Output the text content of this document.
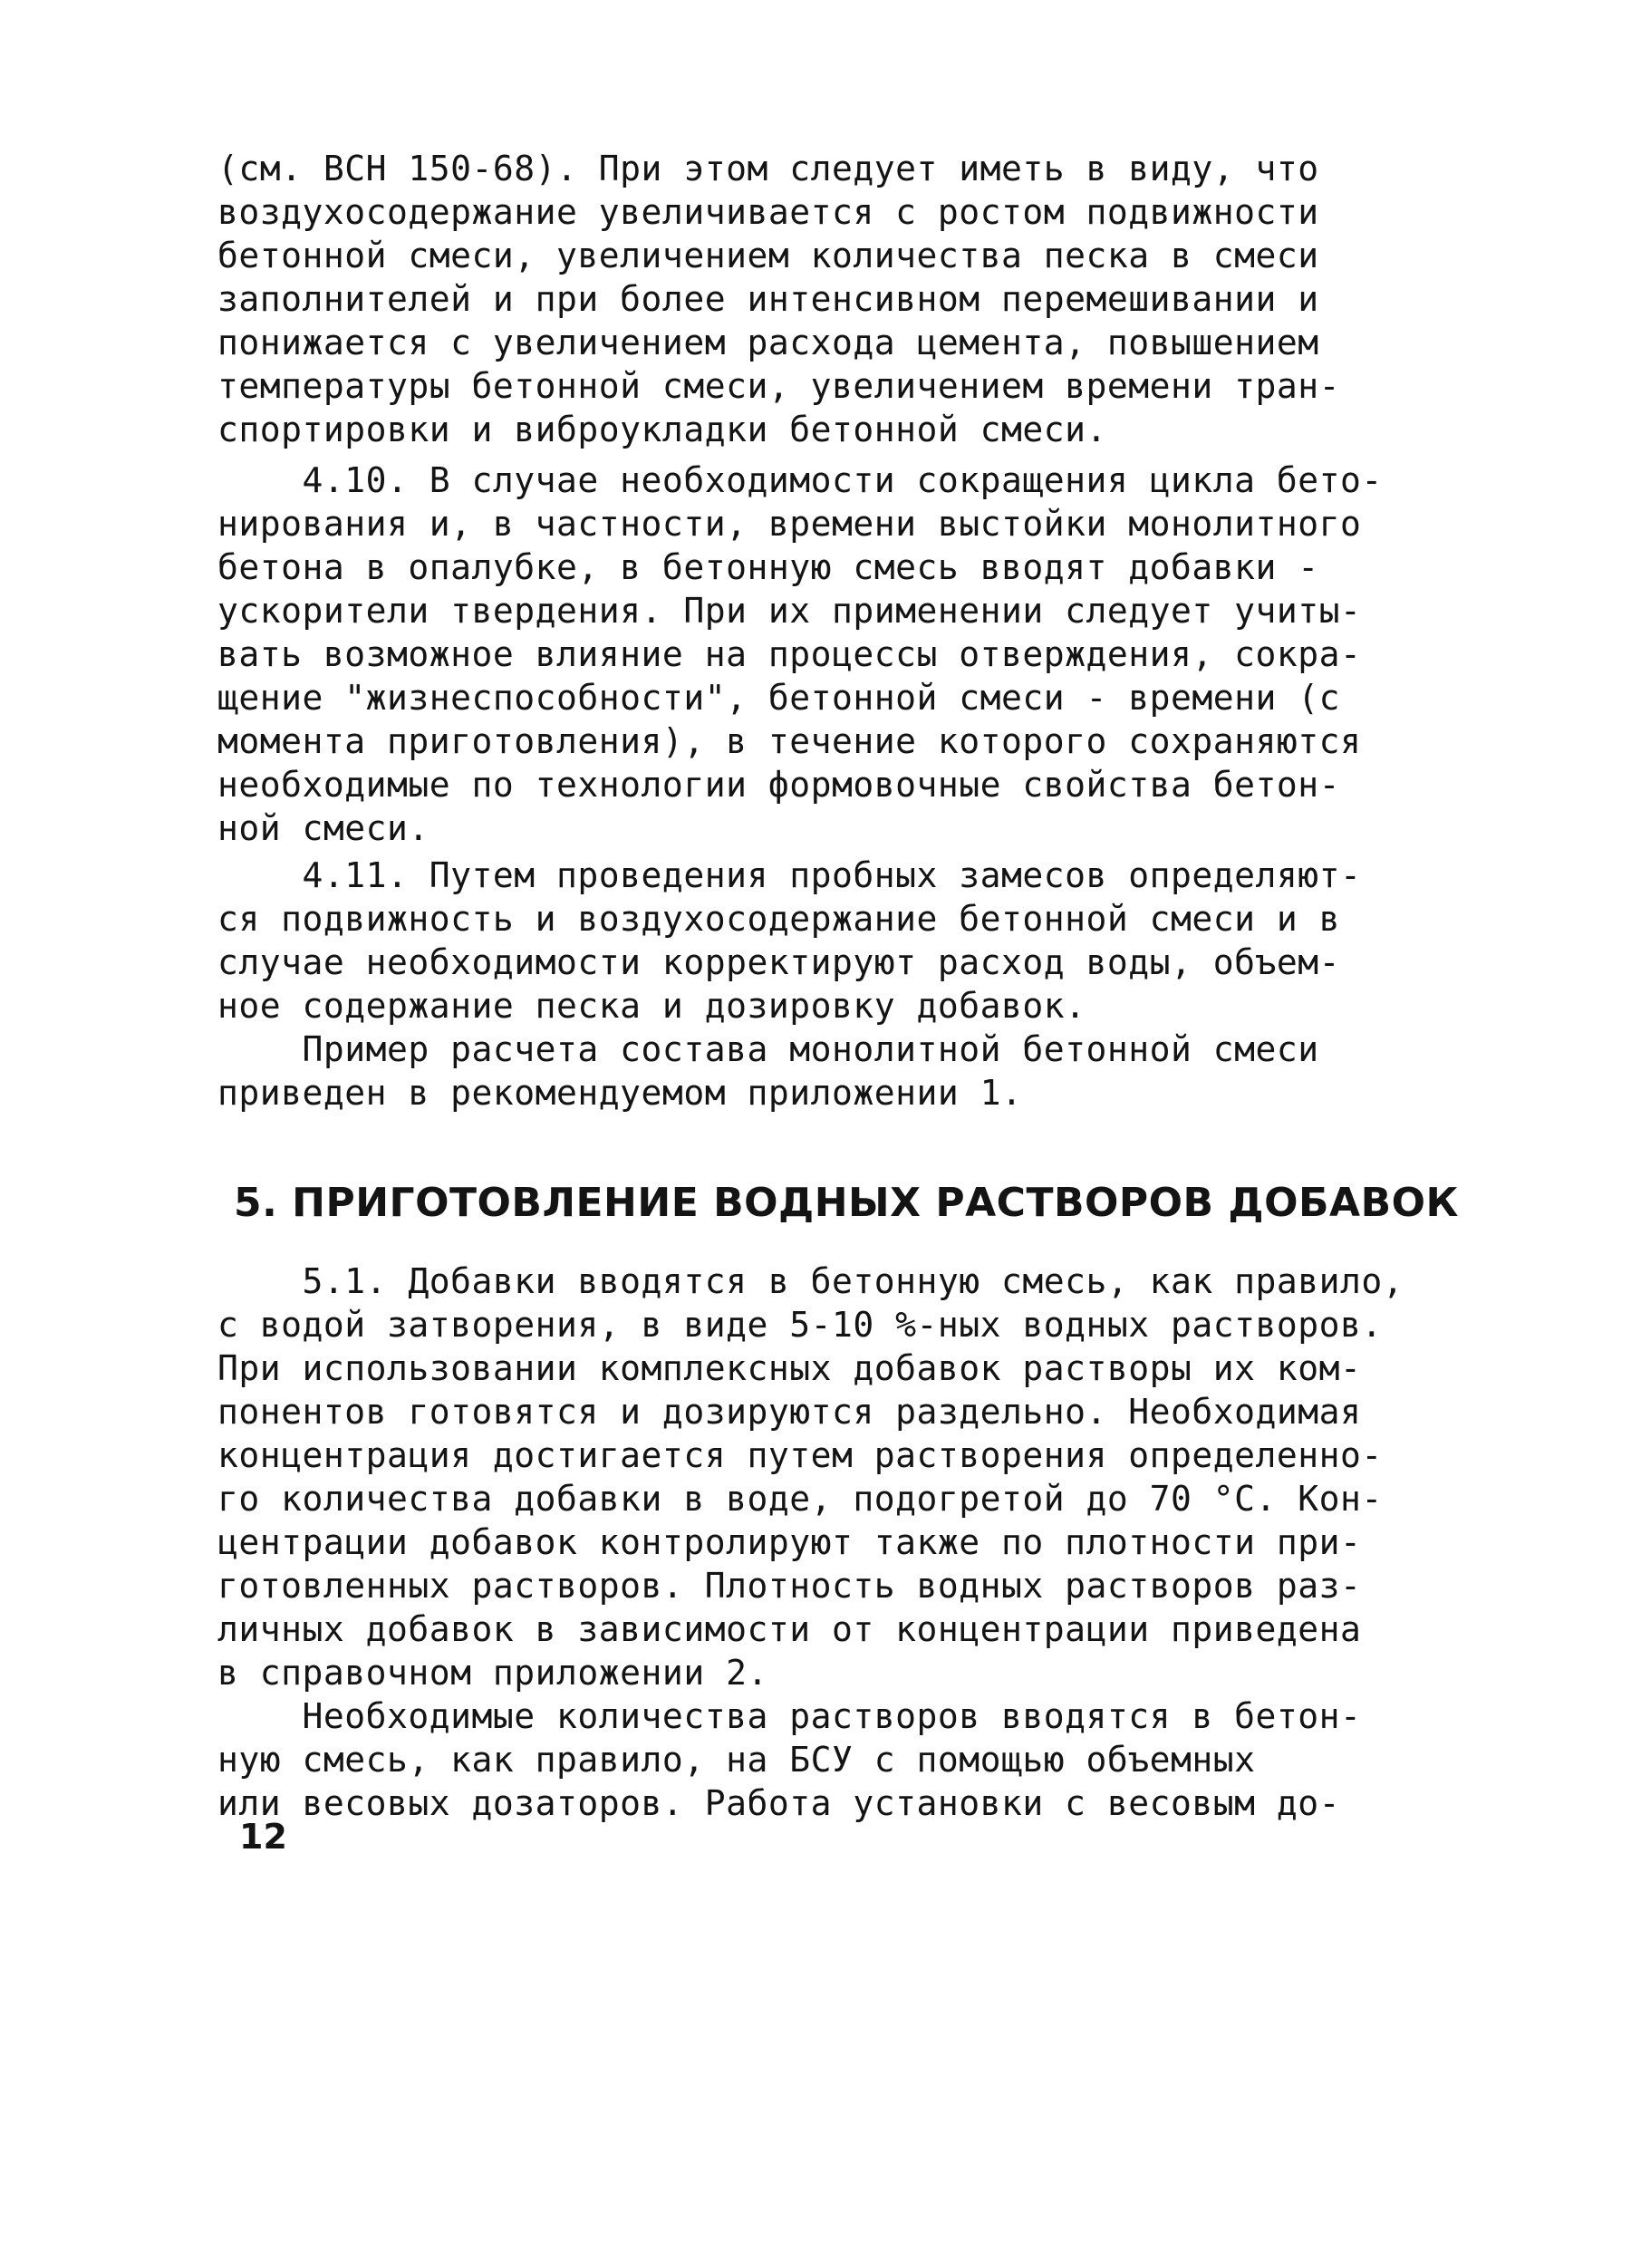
(см. ВСН 150-68). При этом следует иметь в виду, что
воздухосодержание увеличивается с ростом подвижности
бетонной смеси, увеличением количества песка в смеси
заполнителей и при более интенсивном перемешивании и
понижается с увеличением расхода цемента, повышением
температуры бетонной смеси, увеличением времени тран-
спортировки и виброукладки бетонной смеси.
4.10. В случае необходимости сокращения цикла бето-
нирования и, в частности, времени выстойки монолитного
бетона в опалубке, в бетонную смесь вводят добавки -
ускорители твердения. При их применении следует учиты-
вать возможное влияние на процессы отверждения, сокра-
щение "жизнеспособности", бетонной смеси - времени (с
момента приготовления), в течение которого сохраняются
необходимые по технологии формовочные свойства бетон-
ной смеси.
4.11. Путем проведения пробных замесов определяют-
ся подвижность и воздухосодержание бетонной смеси и в
случае необходимости корректируют расход воды, объем-
ное содержание песка и дозировку добавок.
Пример расчета состава монолитной бетонной смеси
приведен в рекомендуемом приложении 1.
5.1. Добавки вводятся в бетонную смесь, как правило,
с водой затворения, в виде 5-10 %-ных водных растворов.
При использовании комплексных добавок растворы их ком-
понентов готовятся и дозируются раздельно. Необходимая
концентрация достигается путем растворения определенно-
го количества добавки в воде, подогретой до 70 °C. Кон-
центрации добавок контролируют также по плотности при-
готовленных растворов. Плотность водных растворов раз-
личных добавок в зависимости от концентрации приведена
в справочном приложении 2.
Необходимые количества растворов вводятся в бетон-
ную смесь, как правило, на БСУ с помощью объемных
или весовых дозаторов. Работа установки с весовым до-
5. ПРИГОТОВЛЕНИЕ ВОДНЫХ РАСТВОРОВ ДОБАВОК
12
